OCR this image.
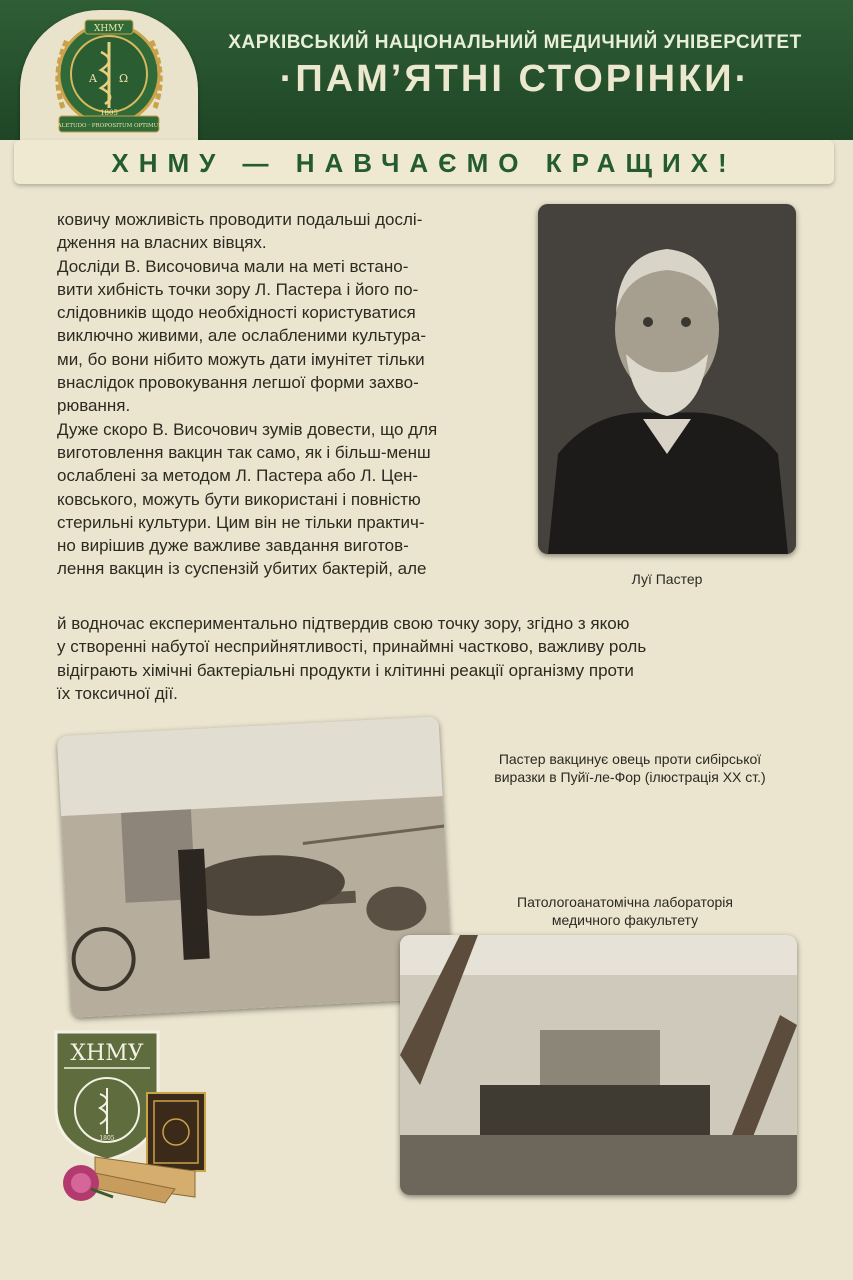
ХАРКІВСЬКИЙ НАЦІОНАЛЬНИЙ МЕДИЧНИЙ УНІВЕРСИТЕТ
·ПАМ’ЯТНІ СТОРІНКИ·
Α Ω
ХНМУ
VALETUDO · PROPOSITUM OPTIMUM
1805
ХНМУ — НАВЧАЄМО КРАЩИХ!
Луї Пастер

ковичу можливість проводити подальші дослі-
дження на власних вівцях.
Досліди В. Височовича мали на меті встано-
вити хибність точки зору Л. Пастера і його по-
слідовників щодо необхідності користуватися
виключно живими, але ослабленими культура-
ми, бо вони нібито можуть дати імунітет тільки
внаслідок провокування легшої форми захво-
рювання.
Дуже скоро В. Височович зумів довести, що для
виготовлення вакцин так само, як і більш-менш
ослаблені за методом Л. Пастера або Л. Цен-
ковського, можуть бути використані і повністю
стерильні культури. Цим він не тільки практич-
но вирішив дуже важливе завдання виготов-
лення вакцин із суспензій убитих бактерій, але

й водночас експериментально підтвердив свою точку зору, згідно з якою
у створенні набутої несприйнятливості, принаймні частково, важливу роль
відіграють хімічні бактеріальні продукти і клітинні реакції організму проти
їх токсичної дії.

Пастер вакцинує овець проти сибірської
виразки в Пуйї-ле-Фор (ілюстрація XX ст.)
Патологоанатомічна лабораторія
медичного факультету
ХНМУ
1805
